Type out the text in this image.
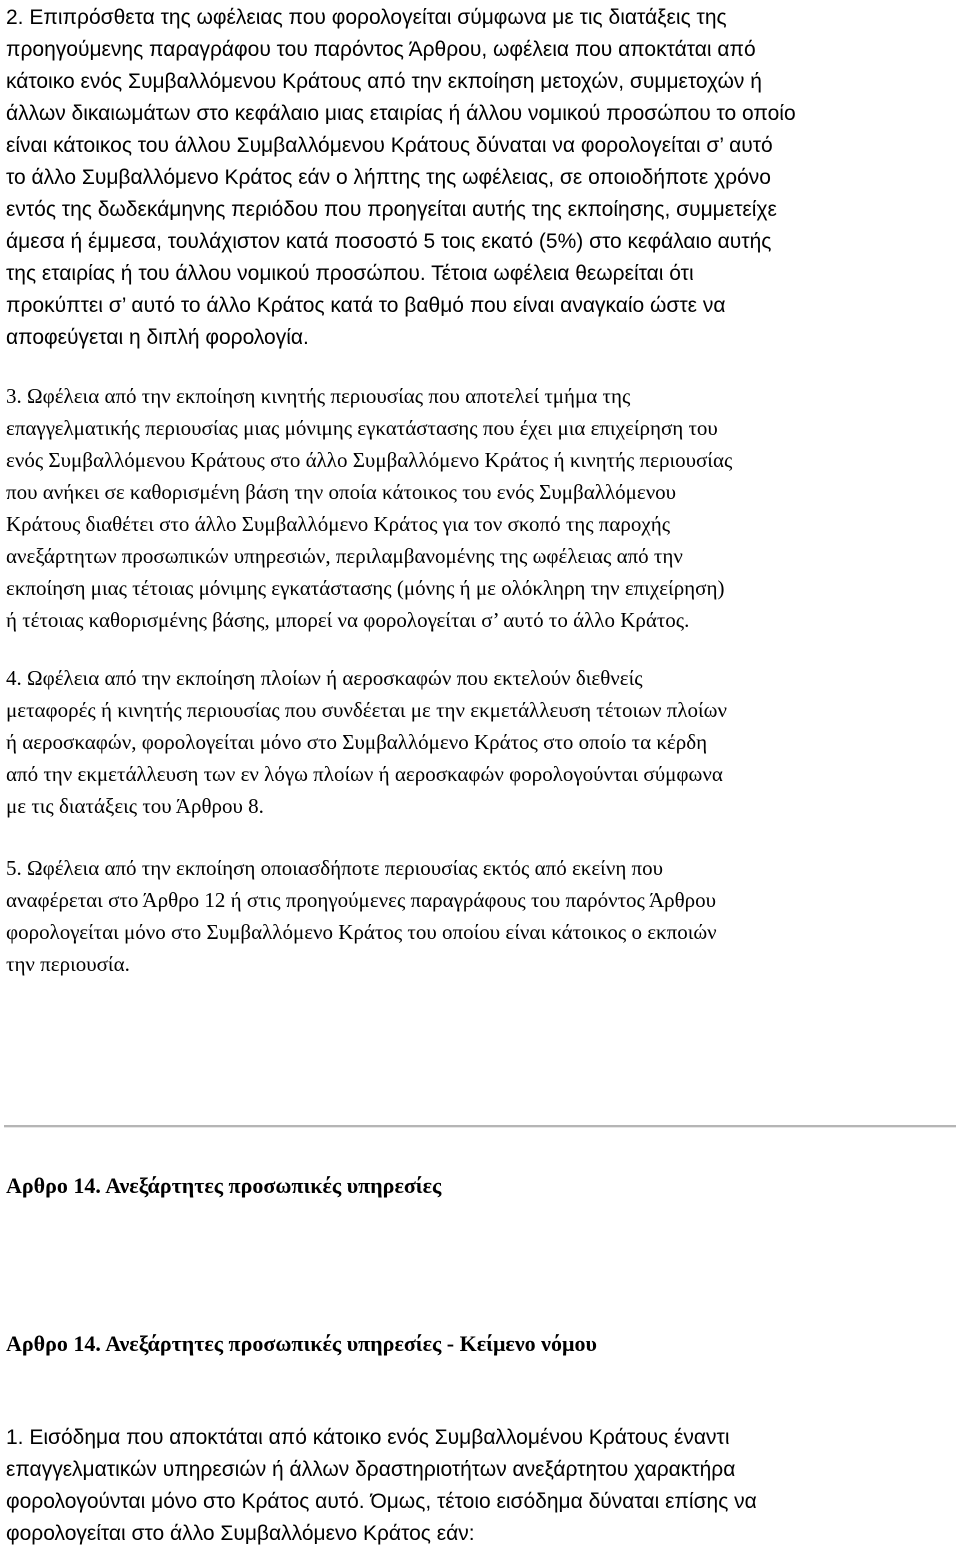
2. Επιπρόσθετα της ωφέλειας που φορολογείται σύμφωνα με τις διατάξεις της
προηγούμενης παραγράφου του παρόντος Άρθρου, ωφέλεια που αποκτάται από
κάτοικο ενός Συμβαλλόμενου Κράτους από την εκποίηση μετοχών, συμμετοχών ή
άλλων δικαιωμάτων στο κεφάλαιο μιας εταιρίας ή άλλου νομικού προσώπου το οποίο
είναι κάτοικος του άλλου Συμβαλλόμενου Κράτους δύναται να φορολογείται σ’ αυτό
το άλλο Συμβαλλόμενο Κράτος εάν ο λήπτης της ωφέλειας, σε οποιοδήποτε χρόνο
εντός της δωδεκάμηνης περιόδου που προηγείται αυτής της εκποίησης, συμμετείχε
άμεσα ή έμμεσα, τουλάχιστον κατά ποσοστό 5 τοις εκατό (5%) στο κεφάλαιο αυτής
της εταιρίας ή του άλλου νομικού προσώπου. Τέτοια ωφέλεια θεωρείται ότι
προκύπτει σ’ αυτό το άλλο Κράτος κατά το βαθμό που είναι αναγκαίο ώστε να
αποφεύγεται η διπλή φορολογία.

3. Ωφέλεια από την εκποίηση κινητής περιουσίας που αποτελεί τμήμα της
επαγγελματικής περιουσίας μιας μόνιμης εγκατάστασης που έχει μια επιχείρηση του
ενός Συμβαλλόμενου Κράτους στο άλλο Συμβαλλόμενο Κράτος ή κινητής περιουσίας
που ανήκει σε καθορισμένη βάση την οποία κάτοικος του ενός Συμβαλλόμενου
Κράτους διαθέτει στο άλλο Συμβαλλόμενο Κράτος για τον σκοπό της παροχής
ανεξάρτητων προσωπικών υπηρεσιών, περιλαμβανομένης της ωφέλειας από την
εκποίηση μιας τέτοιας μόνιμης εγκατάστασης (μόνης ή με ολόκληρη την επιχείρηση)
ή τέτοιας καθορισμένης βάσης, μπορεί να φορολογείται σ’ αυτό το άλλο Κράτος.

4. Ωφέλεια από την εκποίηση πλοίων ή αεροσκαφών που εκτελούν διεθνείς
μεταφορές ή κινητής περιουσίας που συνδέεται με την εκμετάλλευση τέτοιων πλοίων
ή αεροσκαφών, φορολογείται μόνο στο Συμβαλλόμενο Κράτος στο οποίο τα κέρδη
από την εκμετάλλευση των εν λόγω πλοίων ή αεροσκαφών φορολογούνται σύμφωνα
με τις διατάξεις του Άρθρου 8.

5. Ωφέλεια από την εκποίηση οποιασδήποτε περιουσίας εκτός από εκείνη που
αναφέρεται στο Άρθρο 12 ή στις προηγούμενες παραγράφους του παρόντος Άρθρου
φορολογείται μόνο στο Συμβαλλόμενο Κράτος του οποίου είναι κάτοικος ο εκποιών
την περιουσία.

Αρθρο 14. Ανεξάρτητες προσωπικές υπηρεσίες
Αρθρο 14. Ανεξάρτητες προσωπικές υπηρεσίες - Κείμενο νόμου

1. Εισόδημα που αποκτάται από κάτοικο ενός Συμβαλλομένου Κράτους έναντι
επαγγελματικών υπηρεσιών ή άλλων δραστηριοτήτων ανεξάρτητου χαρακτήρα
φορολογούνται μόνο στο Κράτος αυτό. Όμως, τέτοιο εισόδημα δύναται επίσης να
φορολογείται στο άλλο Συμβαλλόμενο Κράτος εάν:
